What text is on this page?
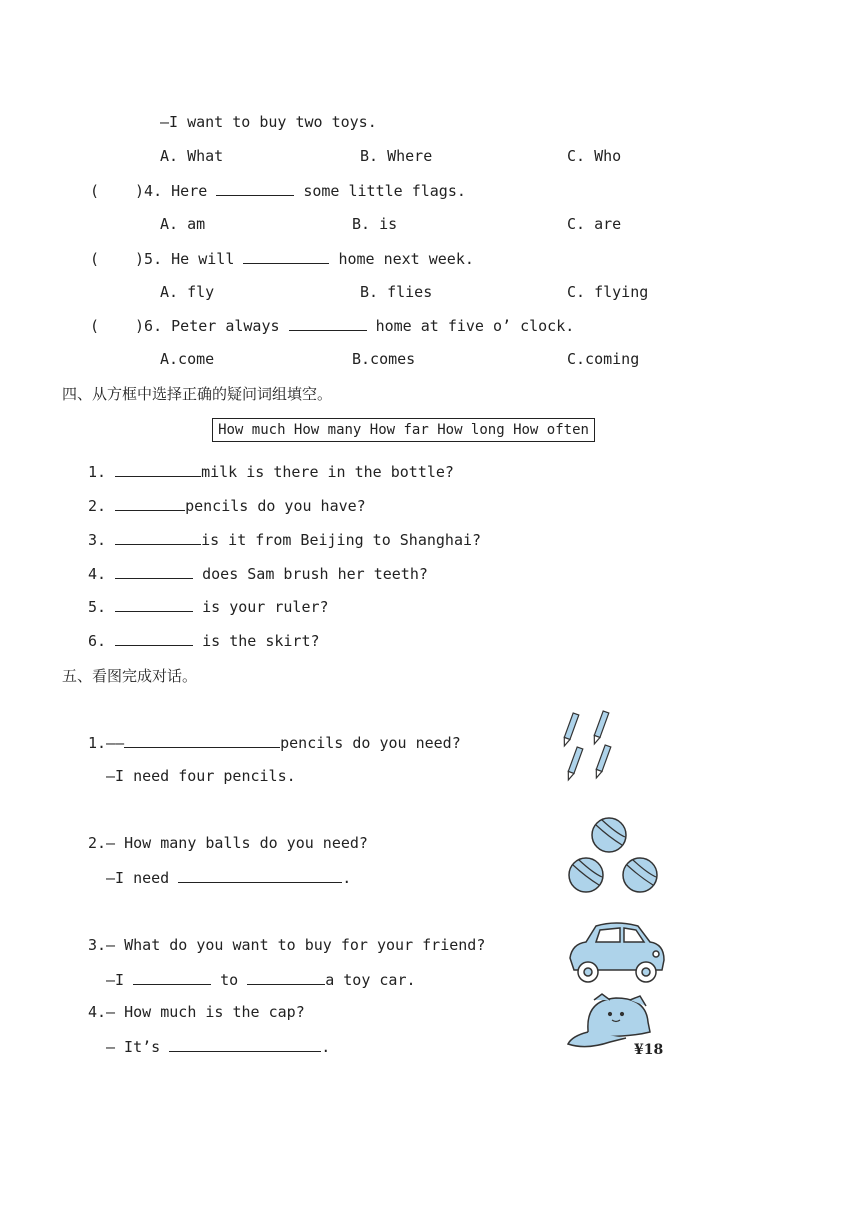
—I want to buy two toys.
A. What	B. Where	C. Who
( )4. Here	some little flags.
A. am	B. is	C. are
( )5. He will	home next week.
A. fly	B. flies	C. flying
( )6. Peter always	home at five o’ clock.
A.come	B.comes	C.coming
四、从方框中选择正确的疑问词组填空。
How much How many How far How long How often
1.	milk is there in the bottle?
2.	pencils do you have?
3.	is it from Beijing to Shanghai?
4.	does Sam brush her teeth?
5.	is your ruler?
6.	is the skirt?
五、看图完成对话。
1.——	pencils do you need?
—I need four pencils.
2.— How many balls do you need?
—I need	.
3.— What do you want to buy for your friend?
—I	to	a toy car.
4.— How much is the cap?
— It’s	.	¥18
